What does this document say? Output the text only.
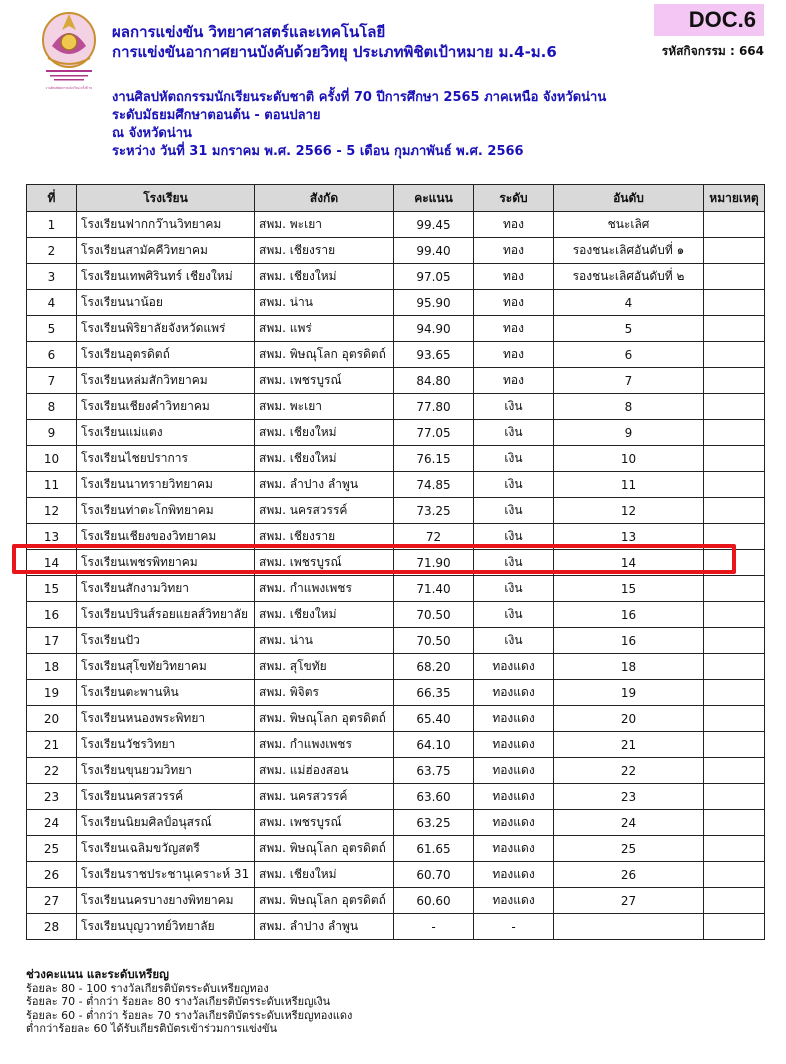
งานศิลปหัตถกรรมนักเรียน ครั้งที่ 70
ผลการแข่งขัน วิทยาศาสตร์และเทคโนโลยี
การแข่งขันอากาศยานบังคับด้วยวิทยุ ประเภทพิชิตเป้าหมาย ม.4-ม.6
DOC.6
รหัสกิจกรรม : 664
งานศิลปหัตถกรรมนักเรียนระดับชาติ ครั้งที่ 70 ปีการศึกษา 2565 ภาคเหนือ จังหวัดน่าน
ระดับมัธยมศึกษาตอนต้น - ตอนปลาย
ณ จังหวัดน่าน
ระหว่าง วันที่ 31 มกราคม พ.ศ. 2566 - 5 เดือน กุมภาพันธ์ พ.ศ. 2566
ที่	โรงเรียน	สังกัด	คะแนน	ระดับ	อันดับ	หมายเหตุ
1	โรงเรียนฟากกว๊านวิทยาคม	สพม. พะเยา	99.45	ทอง	ชนะเลิศ	
2	โรงเรียนสามัคคีวิทยาคม	สพม. เชียงราย	99.40	ทอง	รองชนะเลิศอันดับที่ ๑	
3	โรงเรียนเทพศิรินทร์ เชียงใหม่	สพม. เชียงใหม่	97.05	ทอง	รองชนะเลิศอันดับที่ ๒	
4	โรงเรียนนาน้อย	สพม. น่าน	95.90	ทอง	4	
5	โรงเรียนพิริยาลัยจังหวัดแพร่	สพม. แพร่	94.90	ทอง	5	
6	โรงเรียนอุตรดิตถ์	สพม. พิษณุโลก อุตรดิตถ์	93.65	ทอง	6	
7	โรงเรียนหล่มสักวิทยาคม	สพม. เพชรบูรณ์	84.80	ทอง	7	
8	โรงเรียนเชียงคำวิทยาคม	สพม. พะเยา	77.80	เงิน	8	
9	โรงเรียนแม่แตง	สพม. เชียงใหม่	77.05	เงิน	9	
10	โรงเรียนไชยปราการ	สพม. เชียงใหม่	76.15	เงิน	10	
11	โรงเรียนนาทรายวิทยาคม	สพม. ลำปาง ลำพูน	74.85	เงิน	11	
12	โรงเรียนท่าตะโกพิทยาคม	สพม. นครสวรรค์	73.25	เงิน	12	
13	โรงเรียนเชียงของวิทยาคม	สพม. เชียงราย	72	เงิน	13	
14	โรงเรียนเพชรพิทยาคม	สพม. เพชรบูรณ์	71.90	เงิน	14	
15	โรงเรียนสักงามวิทยา	สพม. กำแพงเพชร	71.40	เงิน	15	
16	โรงเรียนปรินส์รอยแยลส์วิทยาลัย	สพม. เชียงใหม่	70.50	เงิน	16	
17	โรงเรียนปัว	สพม. น่าน	70.50	เงิน	16	
18	โรงเรียนสุโขทัยวิทยาคม	สพม. สุโขทัย	68.20	ทองแดง	18	
19	โรงเรียนตะพานหิน	สพม. พิจิตร	66.35	ทองแดง	19	
20	โรงเรียนหนองพระพิทยา	สพม. พิษณุโลก อุตรดิตถ์	65.40	ทองแดง	20	
21	โรงเรียนวัชรวิทยา	สพม. กำแพงเพชร	64.10	ทองแดง	21	
22	โรงเรียนขุนยวมวิทยา	สพม. แม่ฮ่องสอน	63.75	ทองแดง	22	
23	โรงเรียนนครสวรรค์	สพม. นครสวรรค์	63.60	ทองแดง	23	
24	โรงเรียนนิยมศิลป์อนุสรณ์	สพม. เพชรบูรณ์	63.25	ทองแดง	24	
25	โรงเรียนเฉลิมขวัญสตรี	สพม. พิษณุโลก อุตรดิตถ์	61.65	ทองแดง	25	
26	โรงเรียนราชประชานุเคราะห์ 31	สพม. เชียงใหม่	60.70	ทองแดง	26	
27	โรงเรียนนครบางยางพิทยาคม	สพม. พิษณุโลก อุตรดิตถ์	60.60	ทองแดง	27	
28	โรงเรียนบุญวาทย์วิทยาลัย	สพม. ลำปาง ลำพูน	-	-		
ช่วงคะแนน และระดับเหรียญ
ร้อยละ 80 - 100 รางวัลเกียรติบัตรระดับเหรียญทอง
ร้อยละ 70 - ต่ำกว่า ร้อยละ 80 รางวัลเกียรติบัตรระดับเหรียญเงิน
ร้อยละ 60 - ต่ำกว่า ร้อยละ 70 รางวัลเกียรติบัตรระดับเหรียญทองแดง
ต่ำกว่าร้อยละ 60 ได้รับเกียรติบัตรเข้าร่วมการแข่งขัน
